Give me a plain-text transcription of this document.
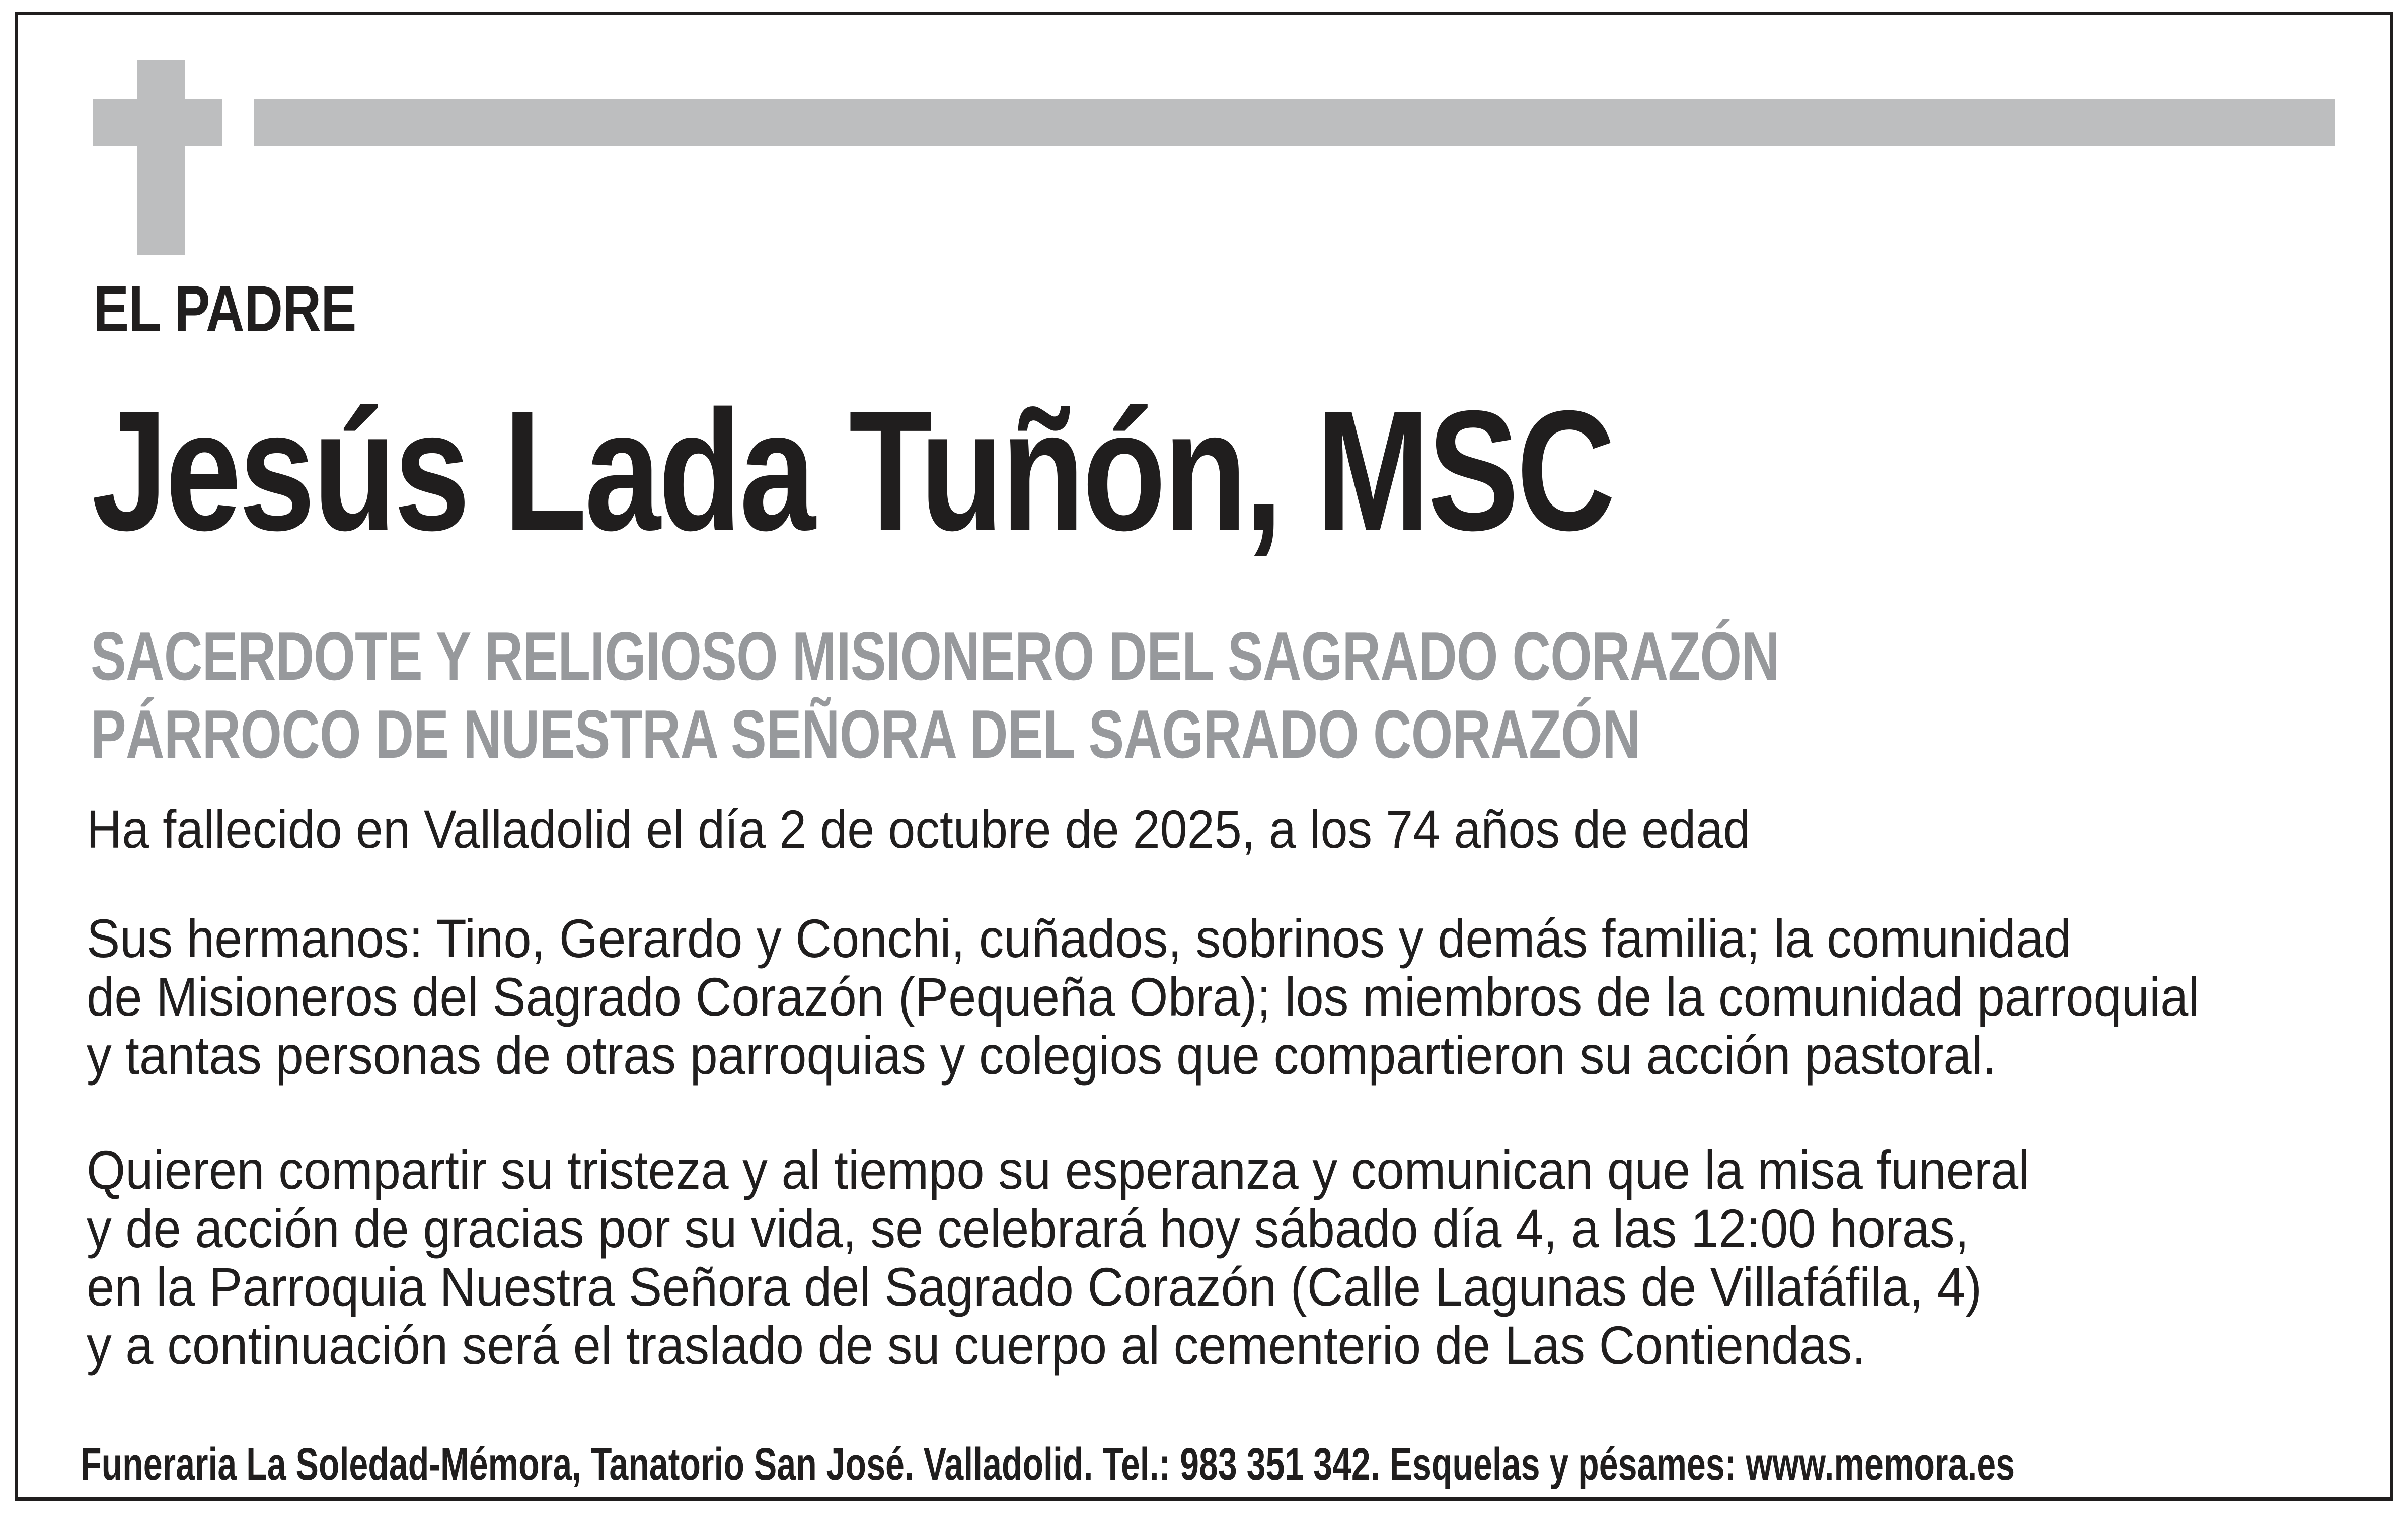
EL PADRE
Jesús Lada Tuñón, MSC
SACERDOTE Y RELIGIOSO MISIONERO DEL SAGRADO CORAZÓN
PÁRROCO DE NUESTRA SEÑORA DEL SAGRADO CORAZÓN
Ha fallecido en Valladolid el día 2 de octubre de 2025, a los 74 años de edad
Sus hermanos: Tino, Gerardo y Conchi, cuñados, sobrinos y demás familia; la comunidad
de Misioneros del Sagrado Corazón (Pequeña Obra); los miembros de la comunidad parroquial
y tantas personas de otras parroquias y colegios que compartieron su acción pastoral.
Quieren compartir su tristeza y al tiempo su esperanza y comunican que la misa funeral
y de acción de gracias por su vida, se celebrará hoy sábado día 4, a las 12:00 horas,
en la Parroquia Nuestra Señora del Sagrado Corazón (Calle Lagunas de Villafáfila, 4)
y a continuación será el traslado de su cuerpo al cementerio de Las Contiendas.
Funeraria La Soledad-Mémora, Tanatorio San José. Valladolid. Tel.: 983 351 342. Esquelas y pésames: www.memora.es
